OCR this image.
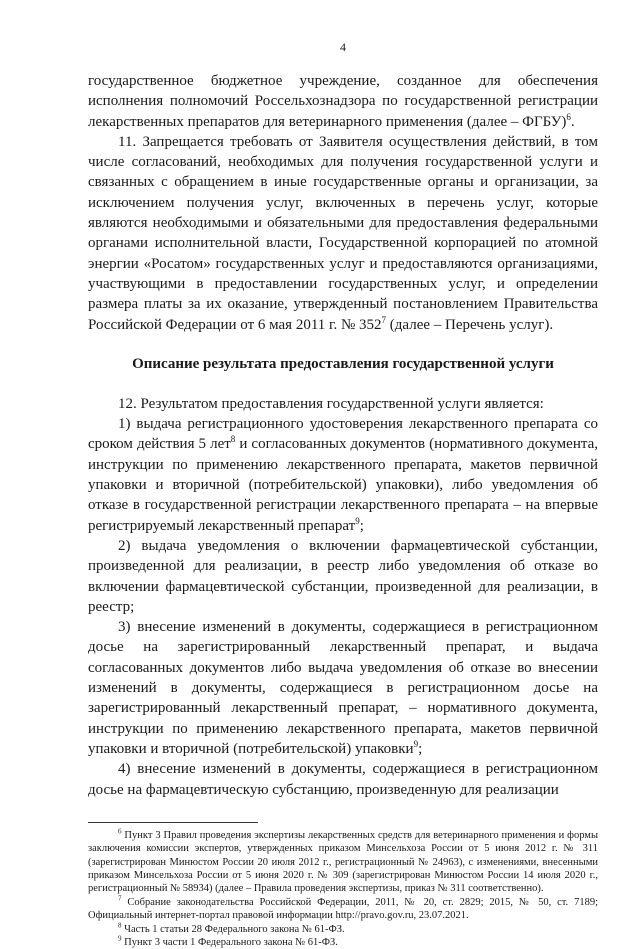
4

государственное бюджетное учреждение, созданное для обеспечения исполнения полномочий Россельхознадзора по государственной регистрации лекарственных препаратов для ветеринарного применения (далее – ФГБУ)$^6$.

11. Запрещается требовать от Заявителя осуществления действий, в том числе согласований, необходимых для получения государственной услуги и связанных с обращением в иные государственные органы и организации, за исключением получения услуг, включенных в перечень услуг, которые являются необходимыми и обязательными для предоставления федеральными органами исполнительной власти, Государственной корпорацией по атомной энергии «Росатом» государственных услуг и предоставляются организациями, участвующими в предоставлении государственных услуг, и определении размера платы за их оказание, утвержденный постановлением Правительства Российской Федерации от 6 мая 2011 г. № $352^7$ (далее – Перечень услуг).

Описание результата предоставления государственной услуги

12. Результатом предоставления государственной услуги является:

1) выдача регистрационного удостоверения лекарственного препарата со сроком действия 5 лет$^8$ и согласованных документов (нормативного документа, инструкции по применению лекарственного препарата, макетов первичной упаковки и вторичной (потребительской) упаковки), либо уведомления об отказе в государственной регистрации лекарственного препарата – на впервые регистрируемый лекарственный препарат$^9$;

2) выдача уведомления о включении фармацевтической субстанции, произведенной для реализации, в реестр либо уведомления об отказе во включении фармацевтической субстанции, произведенной для реализации, в реестр;

3) внесение изменений в документы, содержащиеся в регистрационном досье на зарегистрированный лекарственный препарат, и выдача согласованных документов либо выдача уведомления об отказе во внесении изменений в документы, содержащиеся в регистрационном досье на зарегистрированный лекарственный препарат, – нормативного документа, инструкции по применению лекарственного препарата, макетов первичной упаковки и вторичной (потребительской) упаковки$^9$;

4) внесение изменений в документы, содержащиеся в регистрационном досье на фармацевтическую субстанцию, произведенную для реализации

$^6$ Пункт 3 Правил проведения экспертизы лекарственных средств для ветеринарного применения и формы заключения комиссии экспертов, утвержденных приказом Минсельхоза России от 5 июня 2012 г. № 311 (зарегистрирован Минюстом России 20 июля 2012 г., регистрационный № 24963), с изменениями, внесенными приказом Минсельхоза России от 5 июня 2020 г. № 309 (зарегистрирован Минюстом России 14 июля 2020 г., регистрационный № 58934) (далее – Правила проведения экспертизы, приказ № 311 соответственно).

$^7$ Собрание законодательства Российской Федерации, 2011, № 20, ст. 2829; 2015, № 50, ст. 7189; Официальный интернет-портал правовой информации http://pravo.gov.ru, 23.07.2021.

$^8$ Часть 1 статьи 28 Федерального закона № 61-ФЗ.

$^9$ Пункт 3 части 1 Федерального закона № 61-ФЗ.
